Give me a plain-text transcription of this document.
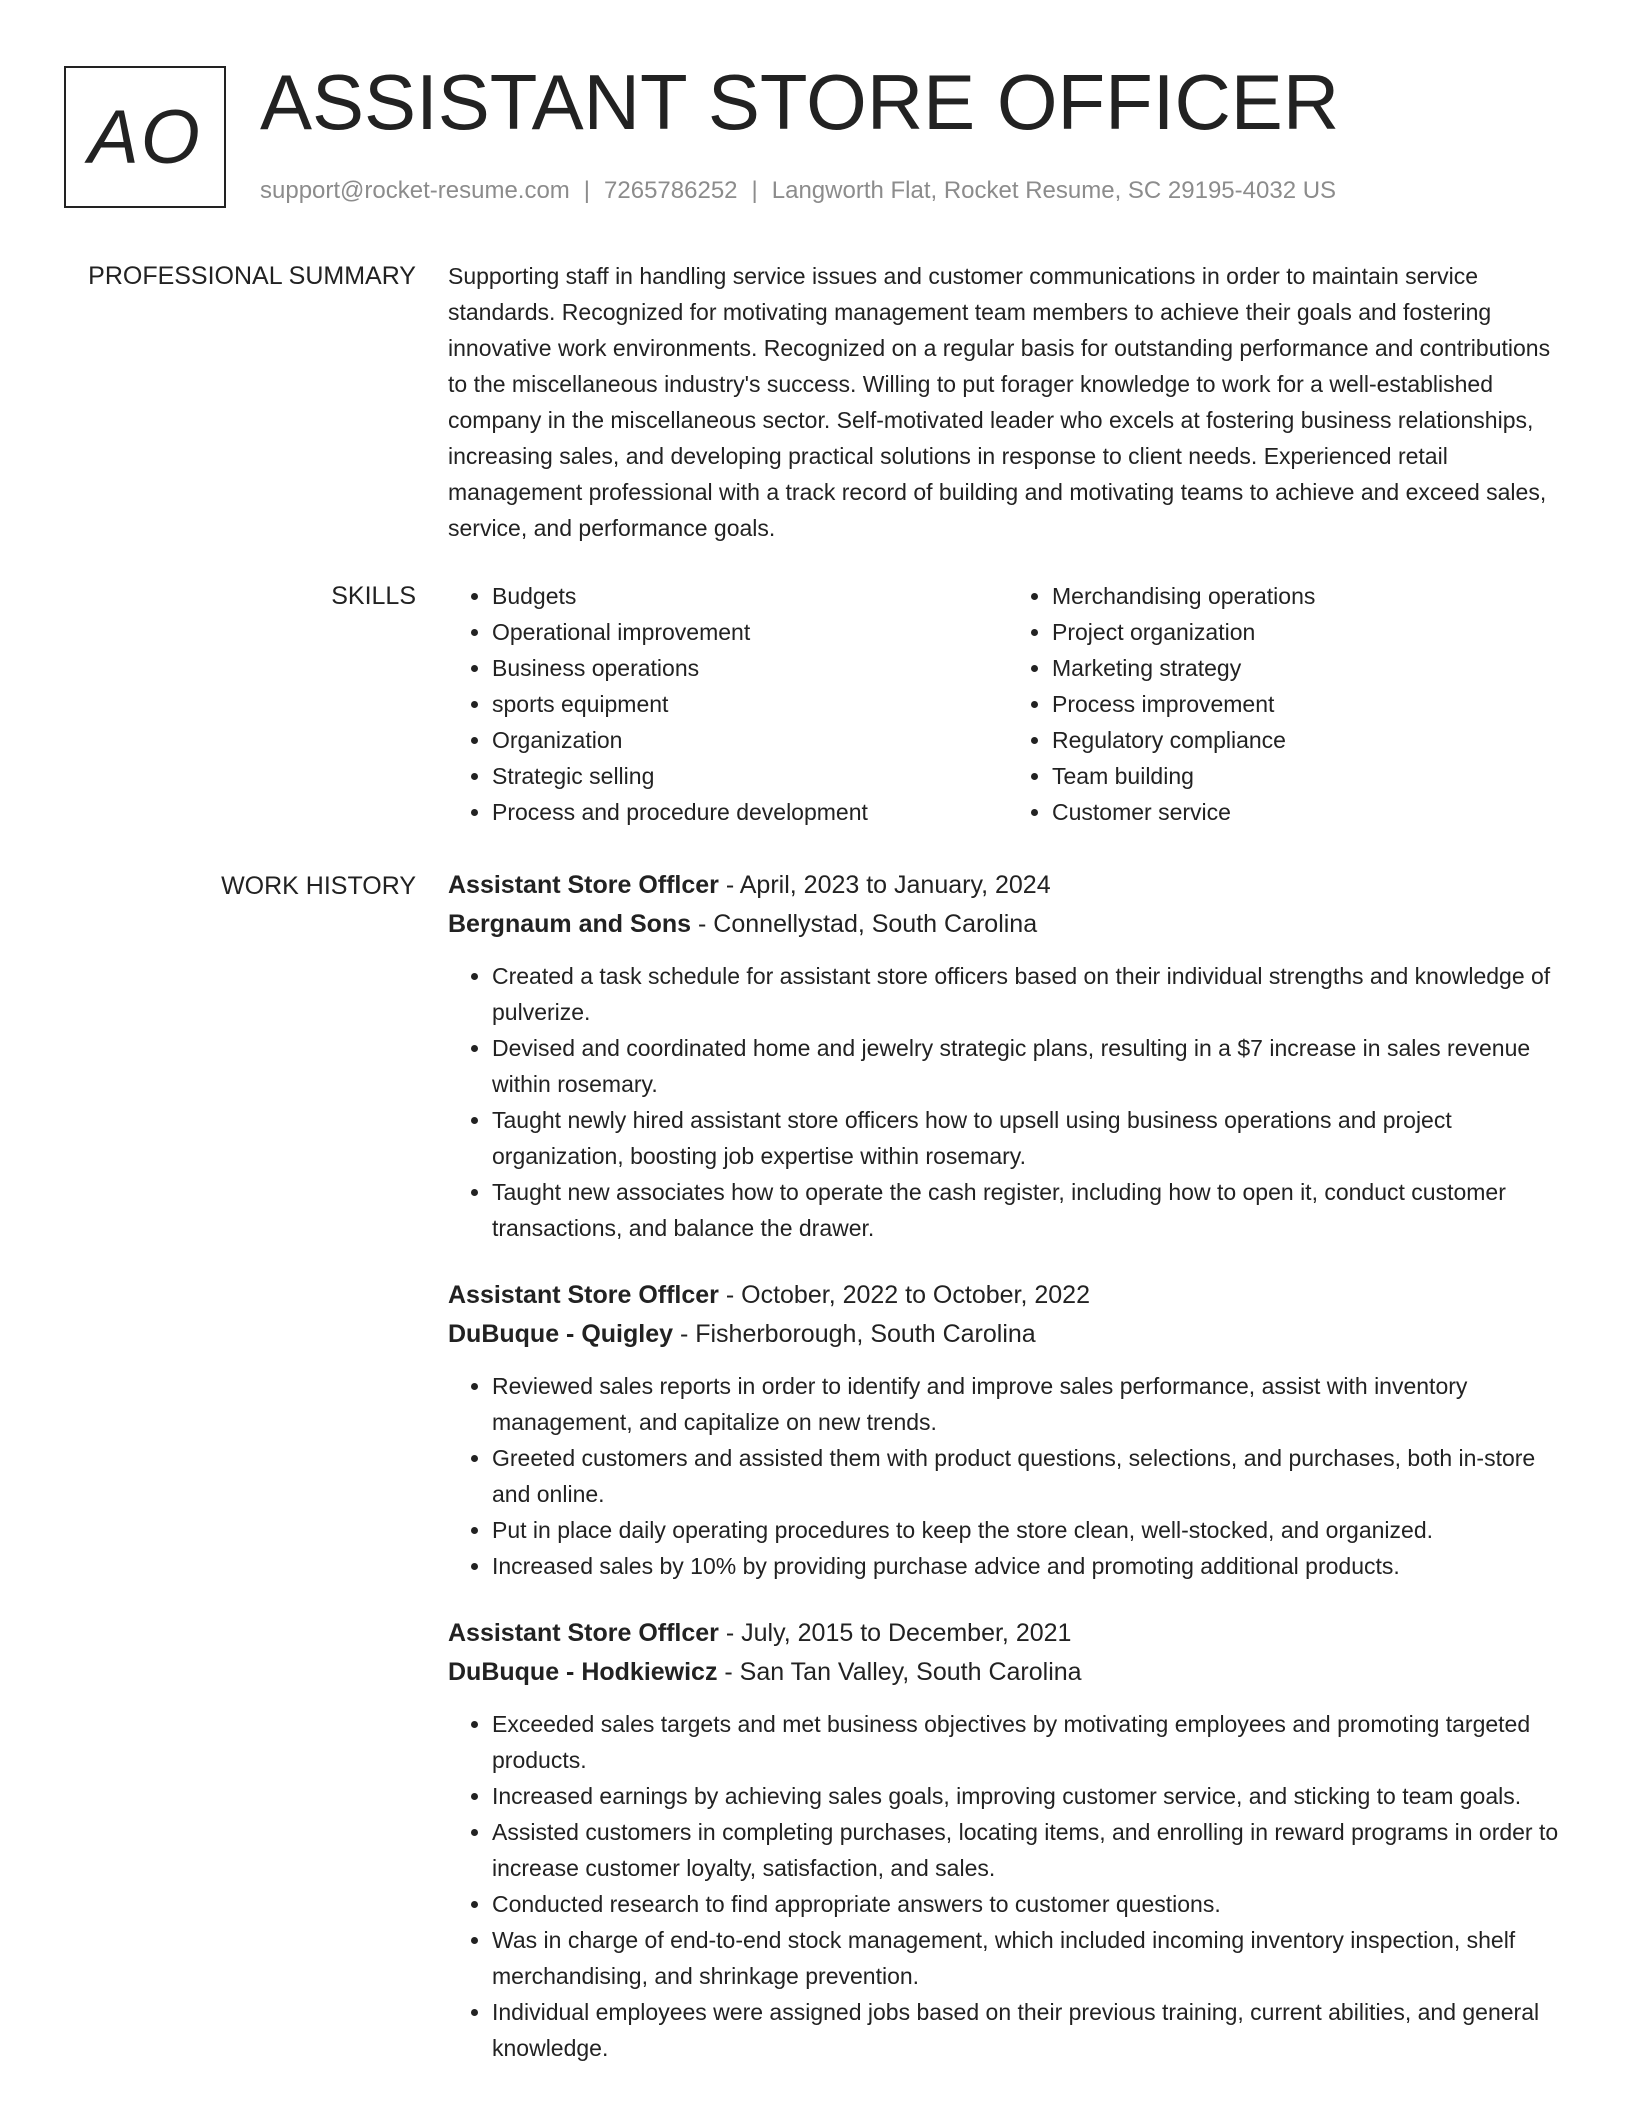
AO ASSISTANT STORE OFFICER
support@rocket-resume.com | 7265786252 | Langworth Flat, Rocket Resume, SC 29195-4032 US
PROFESSIONAL SUMMARY Supporting staff in handling service issues and customer communications in order to maintain service standards. Recognized for motivating management team members to achieve their goals and fostering innovative work environments. Recognized on a regular basis for outstanding performance and contributions to the miscellaneous industry's success. Willing to put forager knowledge to work for a well-established company in the miscellaneous sector. Self-motivated leader who excels at fostering business relationships, increasing sales, and developing practical solutions in response to client needs. Experienced retail management professional with a track record of building and motivating teams to achieve and exceed sales, service, and performance goals.

SKILLS
•	Budgets
• Operational improvement
• Business operations
• sports equipment
• Organization
• Strategic selling
• Process and procedure development
• Merchandising operations
• Project organization
• Marketing strategy
• Process improvement
• Regulatory compliance
• Team building
• Customer service
WORK HISTORY Assistant Store Offlcer - April, 2023 to January, 2024
Bergnaum and Sons - Connellystad, South Carolina
• Created a task schedule for assistant store officers based on their individual strengths and knowledge of pulverize.
• Devised and coordinated home and jewelry strategic plans, resulting in a $7 increase in sales revenue within rosemary.
• Taught newly hired assistant store officers how to upsell using business operations and project organization, boosting job expertise within rosemary.
• Taught new associates how to operate the cash register, including how to open it, conduct customer transactions, and balance the drawer.
Assistant Store Offlcer - October, 2022 to October, 2022
DuBuque - Quigley - Fisherborough, South Carolina
• Reviewed sales reports in order to identify and improve sales performance, assist with inventory management, and capitalize on new trends.
• Greeted customers and assisted them with product questions, selections, and purchases, both in-store and online.
• Put in place daily operating procedures to keep the store clean, well-stocked, and organized.
• Increased sales by 10% by providing purchase advice and promoting additional products.
Assistant Store Offlcer - July, 2015 to December, 2021
DuBuque - Hodkiewicz - San Tan Valley, South Carolina
• Exceeded sales targets and met business objectives by motivating employees and promoting targeted products.
• Increased earnings by achieving sales goals, improving customer service, and sticking to team goals.
• Assisted customers in completing purchases, locating items, and enrolling in reward programs in order to increase customer loyalty, satisfaction, and sales.
• Conducted research to find appropriate answers to customer questions.
• Was in charge of end-to-end stock management, which included incoming inventory inspection, shelf merchandising, and shrinkage prevention.
• Individual employees were assigned jobs based on their previous training, current abilities, and general knowledge.
